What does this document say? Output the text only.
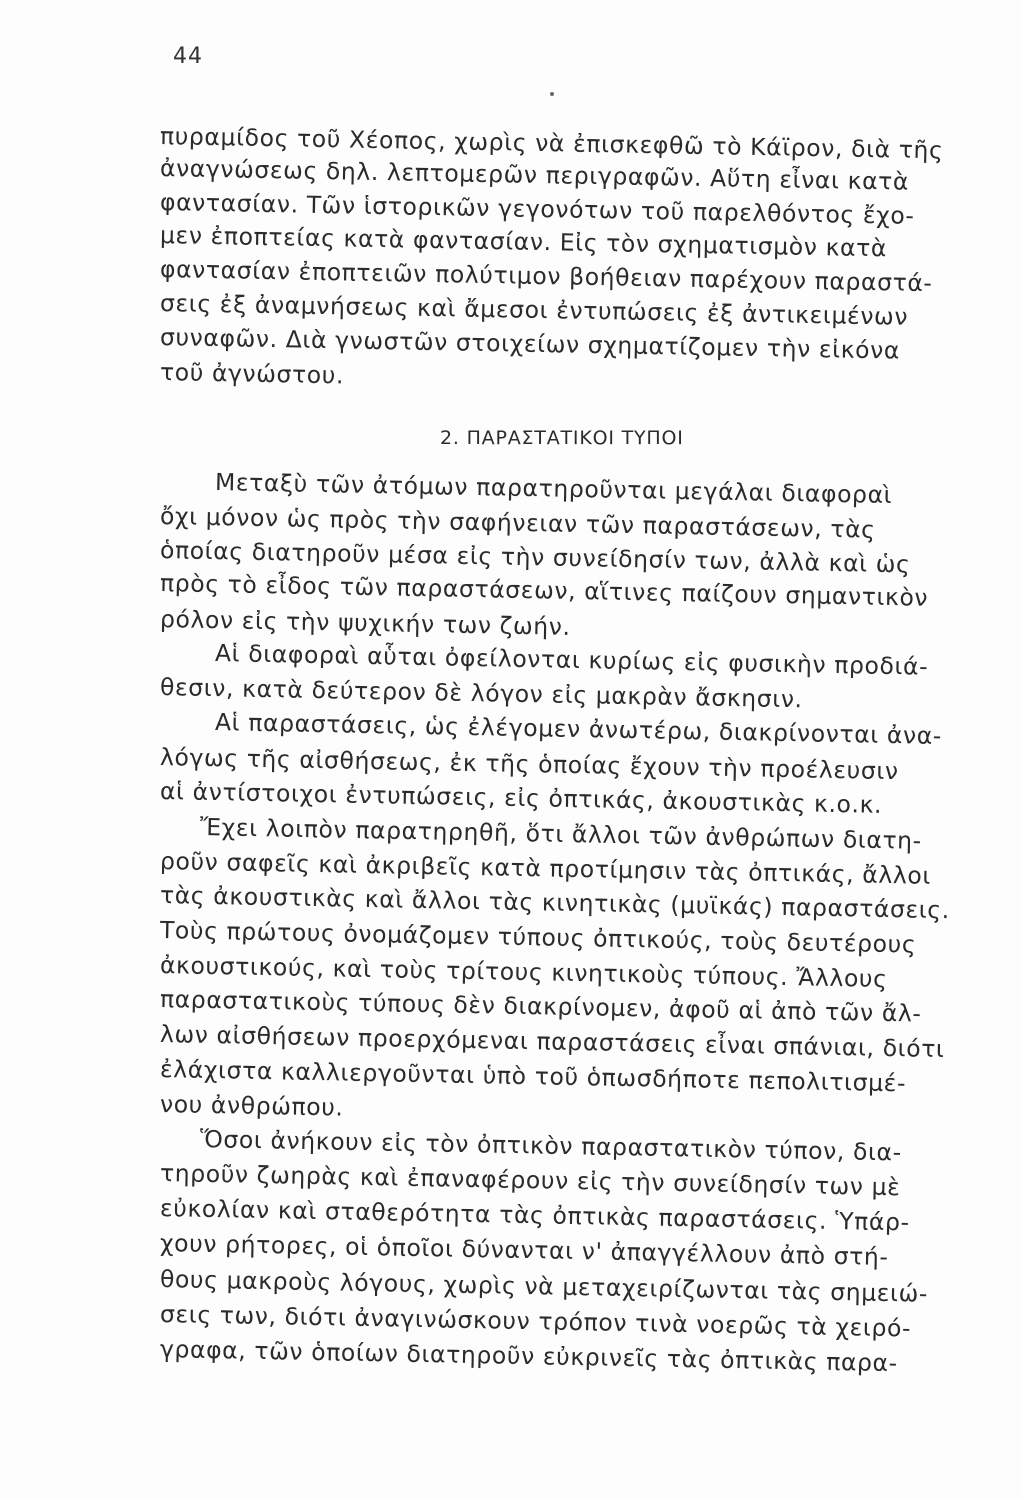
44
πυραμίδος τοῦ Χέοπος, χωρὶς νὰ ἐπισκεφθῶ τὸ Κάϊρον, διὰ τῆς
ἀναγνώσεως δηλ. λεπτομερῶν περιγραφῶν. Αὕτη εἶναι κατὰ
φαντασίαν. Τῶν ἱστορικῶν γεγονότων τοῦ παρελθόντος ἔχο-
μεν ἐποπτείας κατὰ φαντασίαν. Εἰς τὸν σχηματισμὸν κατὰ
φαντασίαν ἐποπτειῶν πολύτιμον βοήθειαν παρέχουν παραστά-
σεις ἐξ ἀναμνήσεως καὶ ἄμεσοι ἐντυπώσεις ἐξ ἀντικειμένων
συναφῶν. Διὰ γνωστῶν στοιχείων σχηματίζομεν τὴν εἰκόνα
τοῦ ἀγνώστου.
2. ΠΑΡΑΣΤΑΤΙΚΟΙ ΤΥΠΟΙ
Μεταξὺ τῶν ἀτόμων παρατηροῦνται μεγάλαι διαφοραὶ
ὄχι μόνον ὡς πρὸς τὴν σαφήνειαν τῶν παραστάσεων, τὰς
ὁποίας διατηροῦν μέσα εἰς τὴν συνείδησίν των, ἀλλὰ καὶ ὡς
πρὸς τὸ εἶδος τῶν παραστάσεων, αἵτινες παίζουν σημαντικὸν
ρόλον εἰς τὴν ψυχικήν των ζωήν.
Αἱ διαφοραὶ αὗται ὀφείλονται κυρίως εἰς φυσικὴν προδιά-
θεσιν, κατὰ δεύτερον δὲ λόγον εἰς μακρὰν ἄσκησιν.
Αἱ παραστάσεις, ὡς ἐλέγομεν ἀνωτέρω, διακρίνονται ἀνα-
λόγως τῆς αἰσθήσεως, ἐκ τῆς ὁποίας ἔχουν τὴν προέλευσιν
αἱ ἀντίστοιχοι ἐντυπώσεις, εἰς ὀπτικάς, ἀκουστικὰς κ.ο.κ.
Ἔχει λοιπὸν παρατηρηθῆ, ὅτι ἄλλοι τῶν ἀνθρώπων διατη-
ροῦν σαφεῖς καὶ ἀκριβεῖς κατὰ προτίμησιν τὰς ὀπτικάς, ἄλλοι
τὰς ἀκουστικὰς καὶ ἄλλοι τὰς κινητικὰς (μυϊκάς) παραστάσεις.
Τοὺς πρώτους ὀνομάζομεν τύπους ὀπτικούς, τοὺς δευτέρους
ἀκουστικούς, καὶ τοὺς τρίτους κινητικοὺς τύπους. Ἄλλους
παραστατικοὺς τύπους δὲν διακρίνομεν, ἀφοῦ αἱ ἀπὸ τῶν ἄλ-
λων αἰσθήσεων προερχόμεναι παραστάσεις εἶναι σπάνιαι, διότι
ἐλάχιστα καλλιεργοῦνται ὑπὸ τοῦ ὁπωσδήποτε πεπολιτισμέ-
νου ἀνθρώπου.
Ὅσοι ἀνήκουν εἰς τὸν ὀπτικὸν παραστατικὸν τύπον, δια-
τηροῦν ζωηρὰς καὶ ἐπαναφέρουν εἰς τὴν συνείδησίν των μὲ
εὐκολίαν καὶ σταθερότητα τὰς ὀπτικὰς παραστάσεις. Ὑπάρ-
χουν ρήτορες, οἱ ὁποῖοι δύνανται ν' ἀπαγγέλλουν ἀπὸ στή-
θους μακροὺς λόγους, χωρὶς νὰ μεταχειρίζωνται τὰς σημειώ-
σεις των, διότι ἀναγινώσκουν τρόπον τινὰ νοερῶς τὰ χειρό-
γραφα, τῶν ὁποίων διατηροῦν εὐκρινεῖς τὰς ὀπτικὰς παρα-
